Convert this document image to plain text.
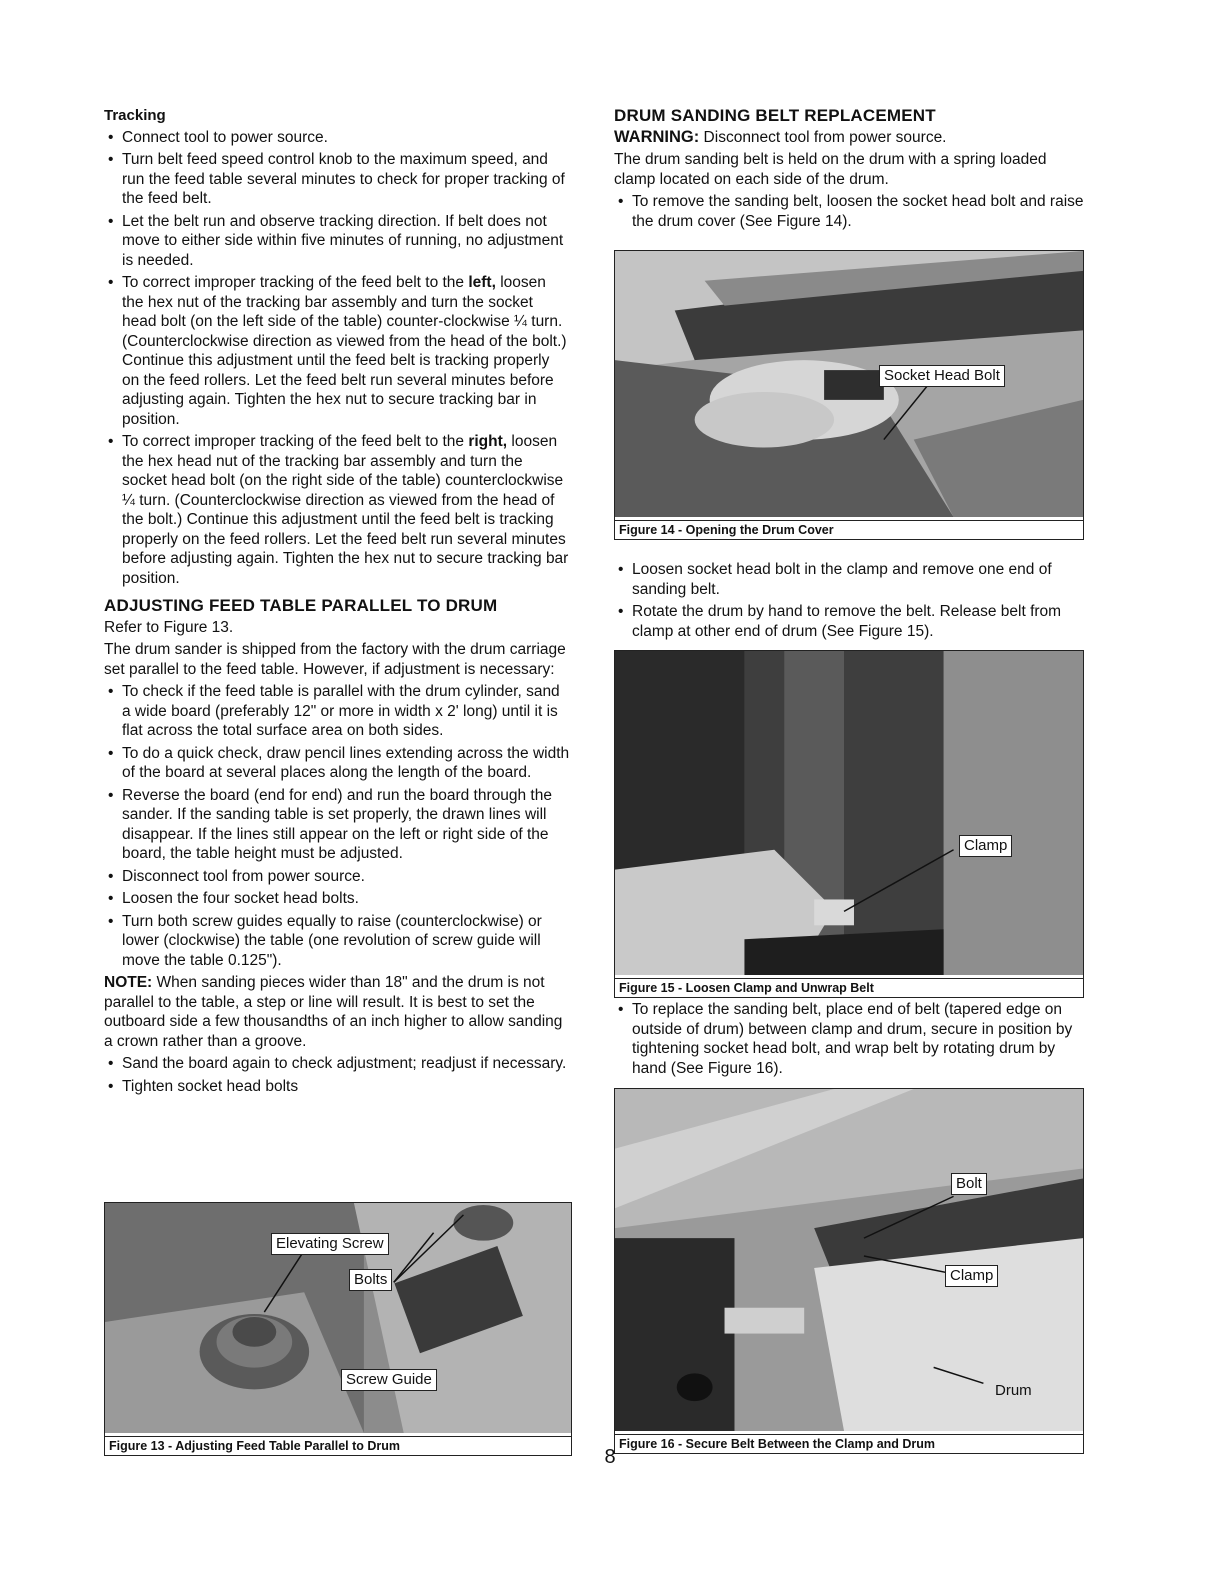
Tracking
• Connect tool to power source.
• Turn belt feed speed control knob to the maximum speed, and run the feed table several minutes to check for proper tracking of the feed belt.
• Let the belt run and observe tracking direction. If belt does not move to either side within five minutes of running, no adjustment is needed.
• To correct improper tracking of the feed belt to the left, loosen the hex nut of the tracking bar assembly and turn the socket head bolt (on the left side of the table) counter-clockwise ¼ turn. (Counterclockwise direction as viewed from the head of the bolt.) Continue this adjustment until the feed belt is tracking properly on the feed rollers. Let the feed belt run several minutes before adjusting again. Tighten the hex nut to secure tracking bar in position.
• To correct improper tracking of the feed belt to the right, loosen the hex head nut of the tracking bar assembly and turn the socket head bolt (on the right side of the table) counterclockwise ¼ turn. (Counterclockwise direction as viewed from the head of the bolt.) Continue this adjustment until the feed belt is tracking properly on the feed rollers. Let the feed belt run several minutes before adjusting again. Tighten the hex nut to secure tracking bar position.
ADJUSTING FEED TABLE PARALLEL TO DRUM

Refer to Figure 13.

The drum sander is shipped from the factory with the drum carriage set parallel to the feed table. However, if adjustment is necessary:

• To check if the feed table is parallel with the drum cylinder, sand a wide board (preferably 12" or more in width x 2' long) until it is flat across the total surface area on both sides.
• To do a quick check, draw pencil lines extending across the width of the board at several places along the length of the board.
• Reverse the board (end for end) and run the board through the sander. If the sanding table is set properly, the drawn lines will disappear. If the lines still appear on the left or right side of the board, the table height must be adjusted.
• Disconnect tool from power source.
• Loosen the four socket head bolts.
• Turn both screw guides equally to raise (counterclockwise) or lower (clockwise) the table (one revolution of screw guide will move the table 0.125").

NOTE: When sanding pieces wider than 18" and the drum is not parallel to the table, a step or line will result. It is best to set the outboard side a few thousandths of an inch higher to allow sanding a crown rather than a groove.

• Sand the board again to check adjustment; readjust if necessary.
• Tighten socket head bolts
Elevating Screw
Bolts
Screw Guide
Figure 13 - Adjusting Feed Table Parallel to Drum
DRUM SANDING BELT REPLACEMENT

WARNING: Disconnect tool from power source.

The drum sanding belt is held on the drum with a spring loaded clamp located on each side of the drum.

• To remove the sanding belt, loosen the socket head bolt and raise the drum cover (See Figure 14).
Socket Head Bolt
Figure 14 - Opening the Drum Cover
• Loosen socket head bolt in the clamp and remove one end of sanding belt.
• Rotate the drum by hand to remove the belt. Release belt from clamp at other end of drum (See Figure 15).
Clamp
Figure 15 - Loosen Clamp and Unwrap Belt
• To replace the sanding belt, place end of belt (tapered edge on outside of drum) between clamp and drum, secure in position by tightening socket head bolt, and wrap belt by rotating drum by hand (See Figure 16).
Bolt
Clamp
Drum
Figure 16 - Secure Belt Between the Clamp and Drum
8
